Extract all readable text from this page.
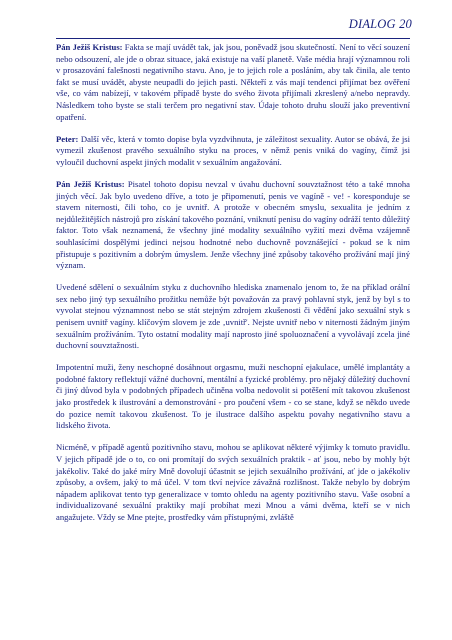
DIALOG 20

Pán Ježiš Kristus: Fakta se mají uvádět tak, jak jsou, poněvadž jsou skutečností. Není to věcí souzení nebo odsouzení, ale jde o obraz situace, jaká existuje na vaší planetě. Vaše média hrají významnou roli v prosazování falešnosti negativního stavu. Ano, je to jejich role a posláním, aby tak činila, ale tento fakt se musí uvádět, abyste neupadli do jejich pasti. Někteří z vás mají tendenci přijímat bez ověření vše, co vám nabízejí, v takovém případě byste do svého života přijímali zkreslený a/nebo nepravdy. Následkem toho byste se stali terčem pro negativní stav. Údaje tohoto druhu slouží jako preventivní opatření.

Peter: Další věc, která v tomto dopise byla vyzdvihnuta, je záležitost sexuality. Autor se obává, že jsi vymezil zkušenost pravého sexuálního styku na proces, v němž penis vniká do vagíny, čímž jsi vyloučil duchovní aspekt jiných modalit v sexuálním angažování.

Pán Ježiš Kristus: Pisatel tohoto dopisu nevzal v úvahu duchovní souvztažnost této a také mnoha jiných věcí. Jak bylo uvedeno dříve, a toto je připomenutí, penis ve vagíně - ve! - koresponduje se stavem niternosti, čili toho, co je uvnitř. A protože v obecném smyslu, sexualita je jedním z nejdůležitějších nástrojů pro získání takového poznání, vniknutí penisu do vagíny odráží tento důležitý faktor. Toto však neznamená, že všechny jiné modality sexuálního vyžití mezi dvěma vzájemně souhlasícími dospělými jedinci nejsou hodnotné nebo duchovně povznášející - pokud se k nim přistupuje s pozitivním a dobrým úmyslem. Jenže všechny jiné způsoby takového prožívání mají jiný význam.

Uvedené sdělení o sexuálním styku z duchovního hlediska znamenalo jenom to, že na příklad orální sex nebo jiný typ sexuálního prožitku nemůže být považován za pravý pohlavní styk, jenž by byl s to vyvolat stejnou významnost nebo se stát stejným zdrojem zkušenosti či vědění jako sexuální styk s penisem uvnitř vagíny. klíčovým slovem je zde ‚uvnitř'. Nejste uvnitř nebo v niternosti žádným jiným sexuálním prožíváním. Tyto ostatní modality mají naprosto jiné spoluoznačení a vyvolávají zcela jiné duchovní souvztažnosti.

Impotentní muži, ženy neschopné dosáhnout orgasmu, muži neschopní ejakulace, umělé implantáty a podobné faktory reflektují vážné duchovní, mentální a fyzické problémy. pro nějaký důležitý duchovní či jiný důvod byla v podobných případech učiněna volba nedovolit si potěšení mít takovou zkušenost jako prostředek k ilustrování a demonstrování - pro poučení všem - co se stane, když se někdo uvede do pozice nemít takovou zkušenost. To je ilustrace dalšího aspektu povahy negativního stavu a lidského života.

Nicméně, v případě agentů pozitivního stavu, mohou se aplikovat některé výjimky k tomuto pravidlu. V jejich případě jde o to, co oni promítají do svých sexuálních praktik - ať jsou, nebo by mohly být jakékoliv. Také do jaké míry Mně dovolují účastnit se jejich sexuálního prožívání, ať jde o jakékoliv způsoby, a ovšem, jaký to má účel. V tom tkví nejvíce závažná rozlišnost. Takže nebylo by dobrým nápadem aplikovat tento typ generalizace v tomto ohledu na agenty pozitivního stavu. Vaše osobní a individualizované sexuální praktiky mají probíhat mezi Mnou a vámi dvěma, kteří se v nich angažujete. Vždy se Mne ptejte, prostředky vám přístupnými, zvláště
